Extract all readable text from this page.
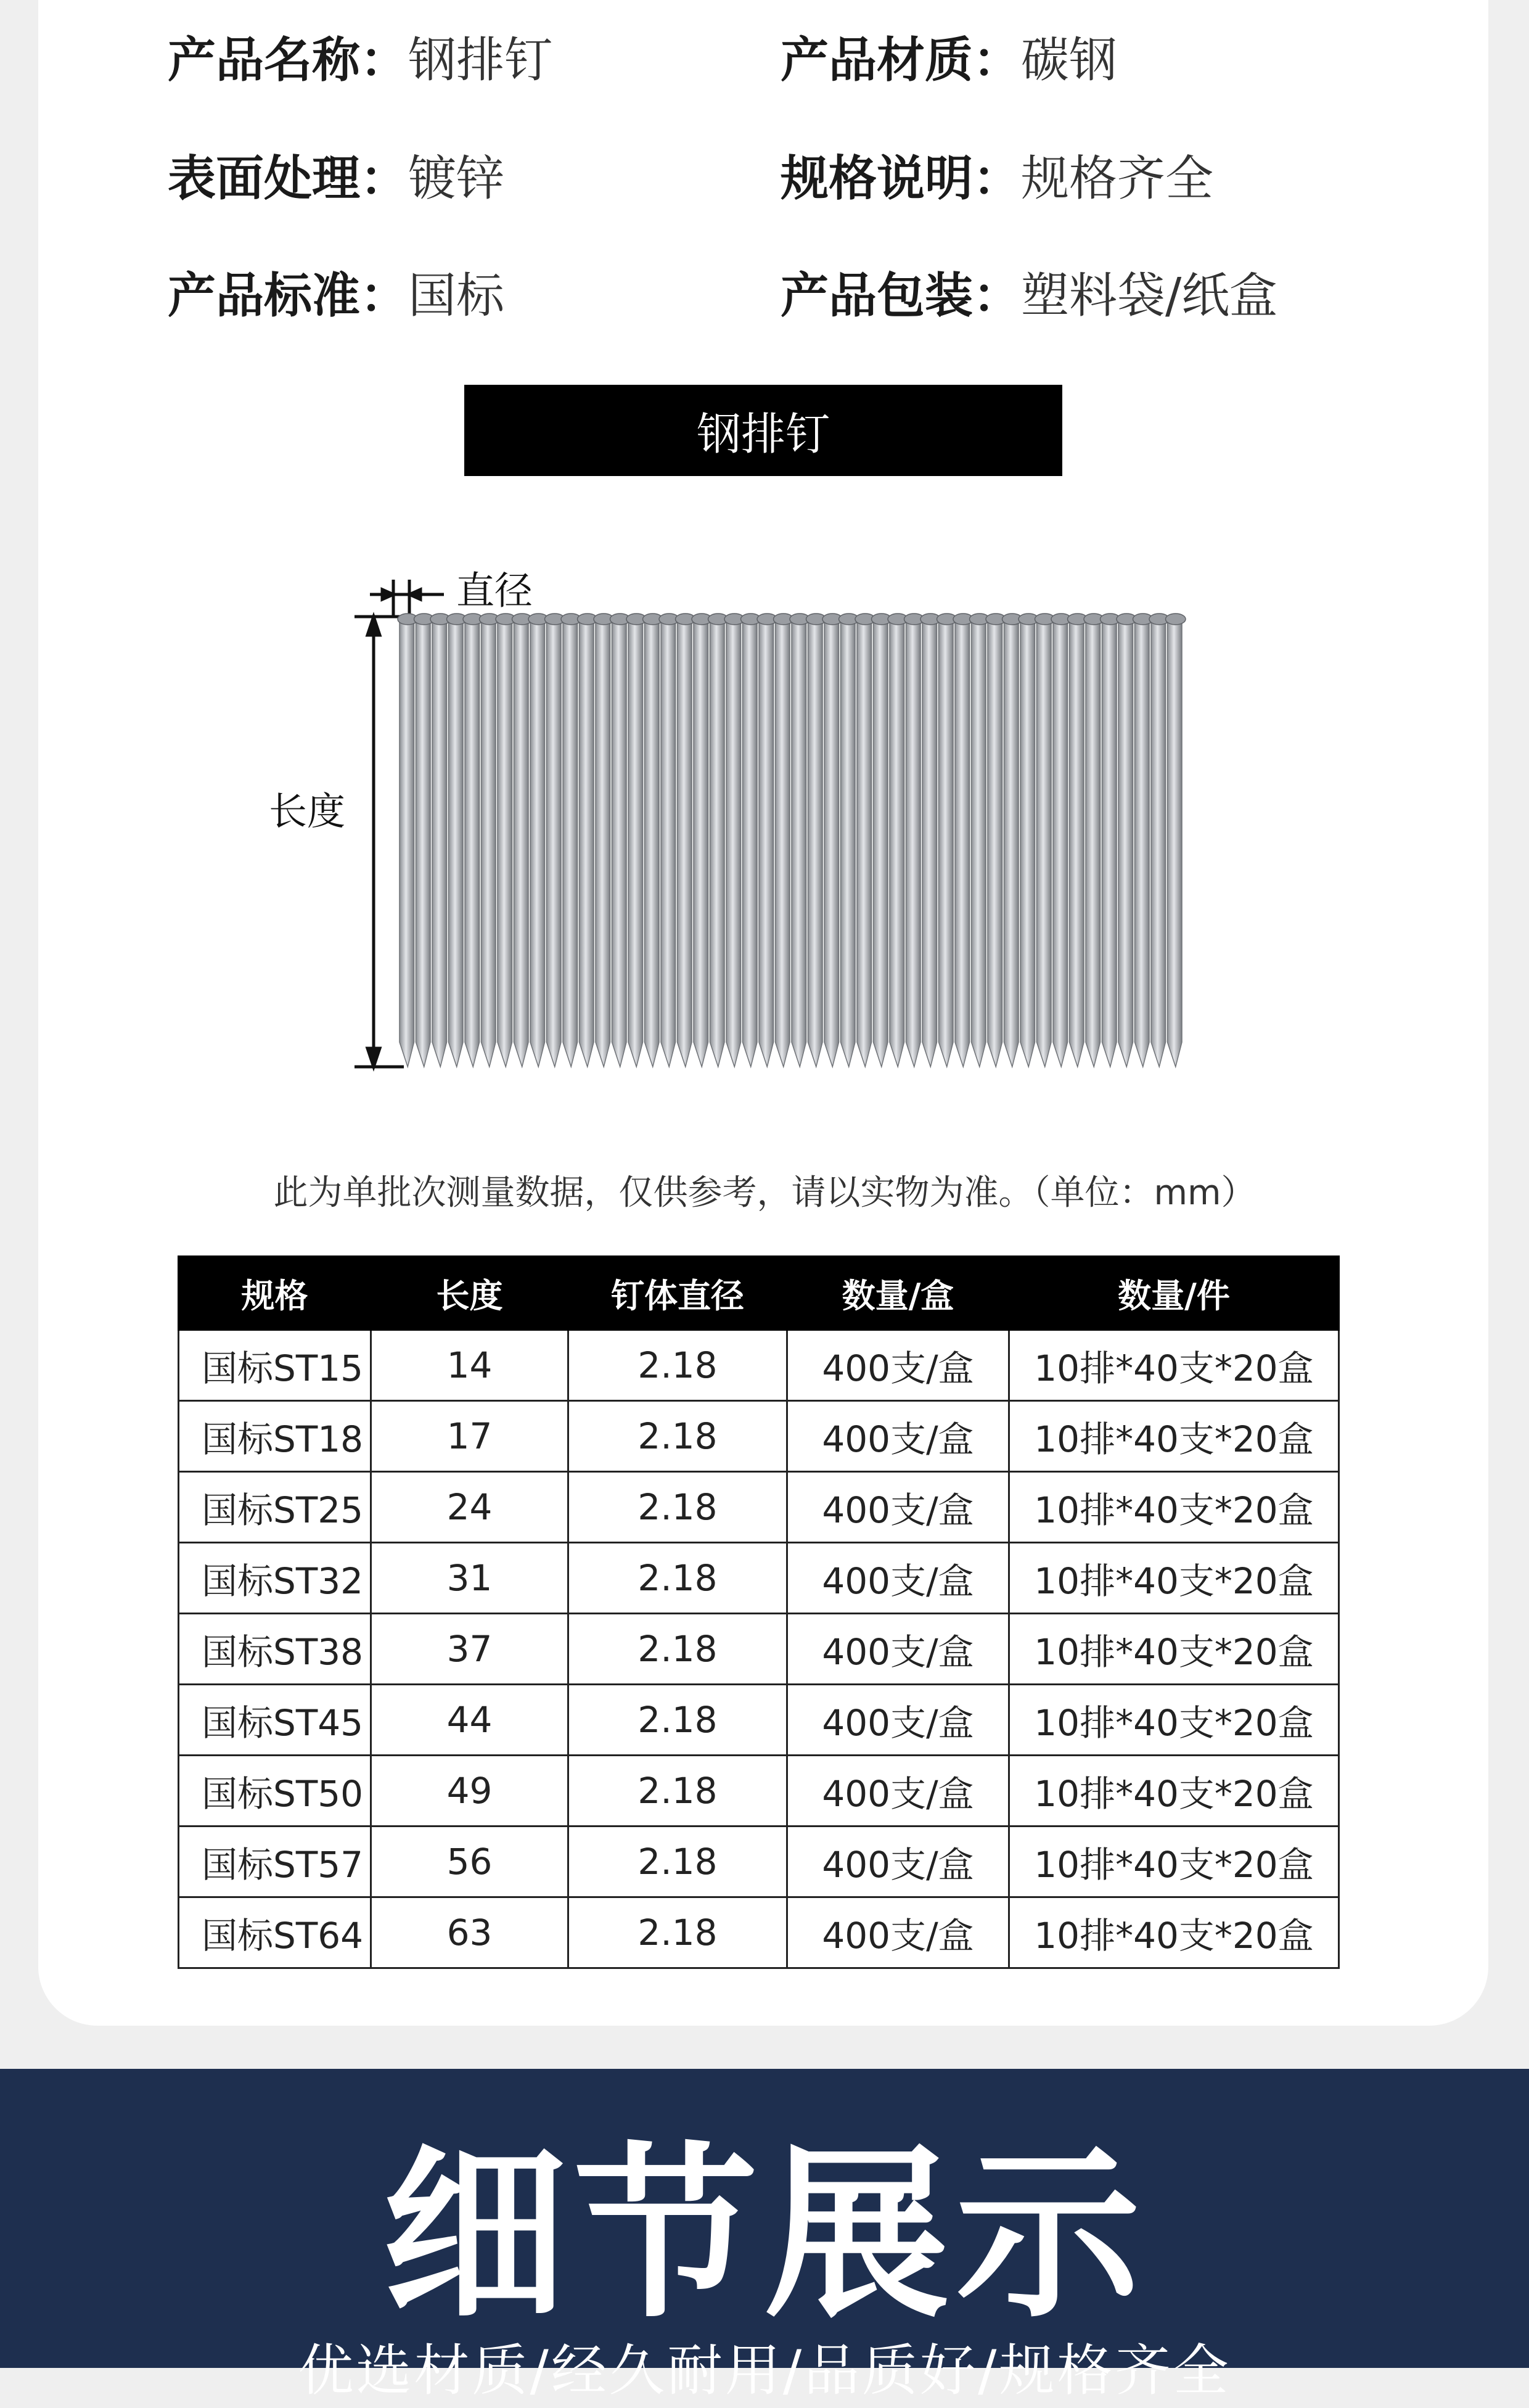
产品名称： 钢排钉	产品材质： 碳钢
表面处理： 镀锌	规格说明： 规格齐全
产品标准： 国标	产品包装： 塑料袋/纸盒
钢排钉
直径
长度
此为单批次测量数据，仅供参考，请以实物为准。（单位：mm）
规格	长度	钉体直径	数量/盒	数量/件
国标ST15	14	2.18	400支/盒	10排*40支*20盒
国标ST18	17	2.18	400支/盒	10排*40支*20盒
国标ST25	24	2.18	400支/盒	10排*40支*20盒
国标ST32	31	2.18	400支/盒	10排*40支*20盒
国标ST38	37	2.18	400支/盒	10排*40支*20盒
国标ST45	44	2.18	400支/盒	10排*40支*20盒
国标ST50	49	2.18	400支/盒	10排*40支*20盒
国标ST57	56	2.18	400支/盒	10排*40支*20盒
国标ST64	63	2.18	400支/盒	10排*40支*20盒
细节展示
优选材质/经久耐用/品质好/规格齐全
